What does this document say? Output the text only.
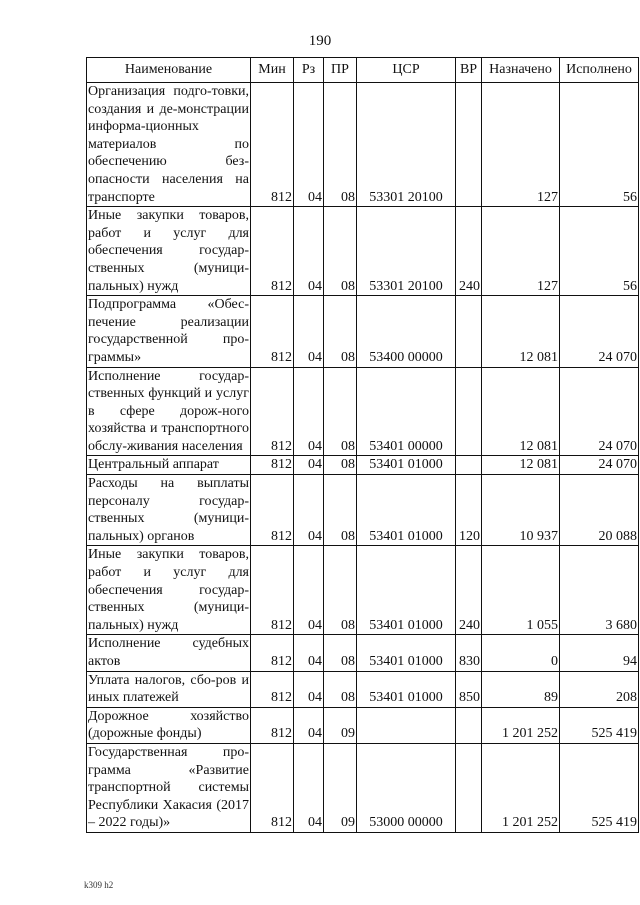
190
Наименование	Мин	Рз	ПР	ЦСР	ВР	Назначено	Исполнено
Организация подго-товки, создания и де-монстрации информа-ционных материалов по обеспечению без-опасности населения на транспорте	812	04	08	53301 20100		127	56
Иные закупки товаров, работ и услуг для обеспечения государ-ственных (муници-пальных) нужд	812	04	08	53301 20100	240	127	56
Подпрограмма «Обес-печение реализации государственной про-граммы»	812	04	08	53400 00000		12 081	24 070
Исполнение государ-ственных функций и услуг в сфере дорож-ного хозяйства и транспортного обслу-живания населения	812	04	08	53401 00000		12 081	24 070
Центральный аппарат	812	04	08	53401 01000		12 081	24 070
Расходы на выплаты персоналу государ-ственных (муници-пальных) органов	812	04	08	53401 01000	120	10 937	20 088
Иные закупки товаров, работ и услуг для обеспечения государ-ственных (муници-пальных) нужд	812	04	08	53401 01000	240	1 055	3 680
Исполнение судебных актов	812	04	08	53401 01000	830	0	94
Уплата налогов, сбо-ров и иных платежей	812	04	08	53401 01000	850	89	208
Дорожное хозяйство (дорожные фонды)	812	04	09			1 201 252	525 419
Государственная про-грамма «Развитие транспортной системы Республики Хакасия (2017 – 2022 годы)»	812	04	09	53000 00000		1 201 252	525 419
k309 h2
